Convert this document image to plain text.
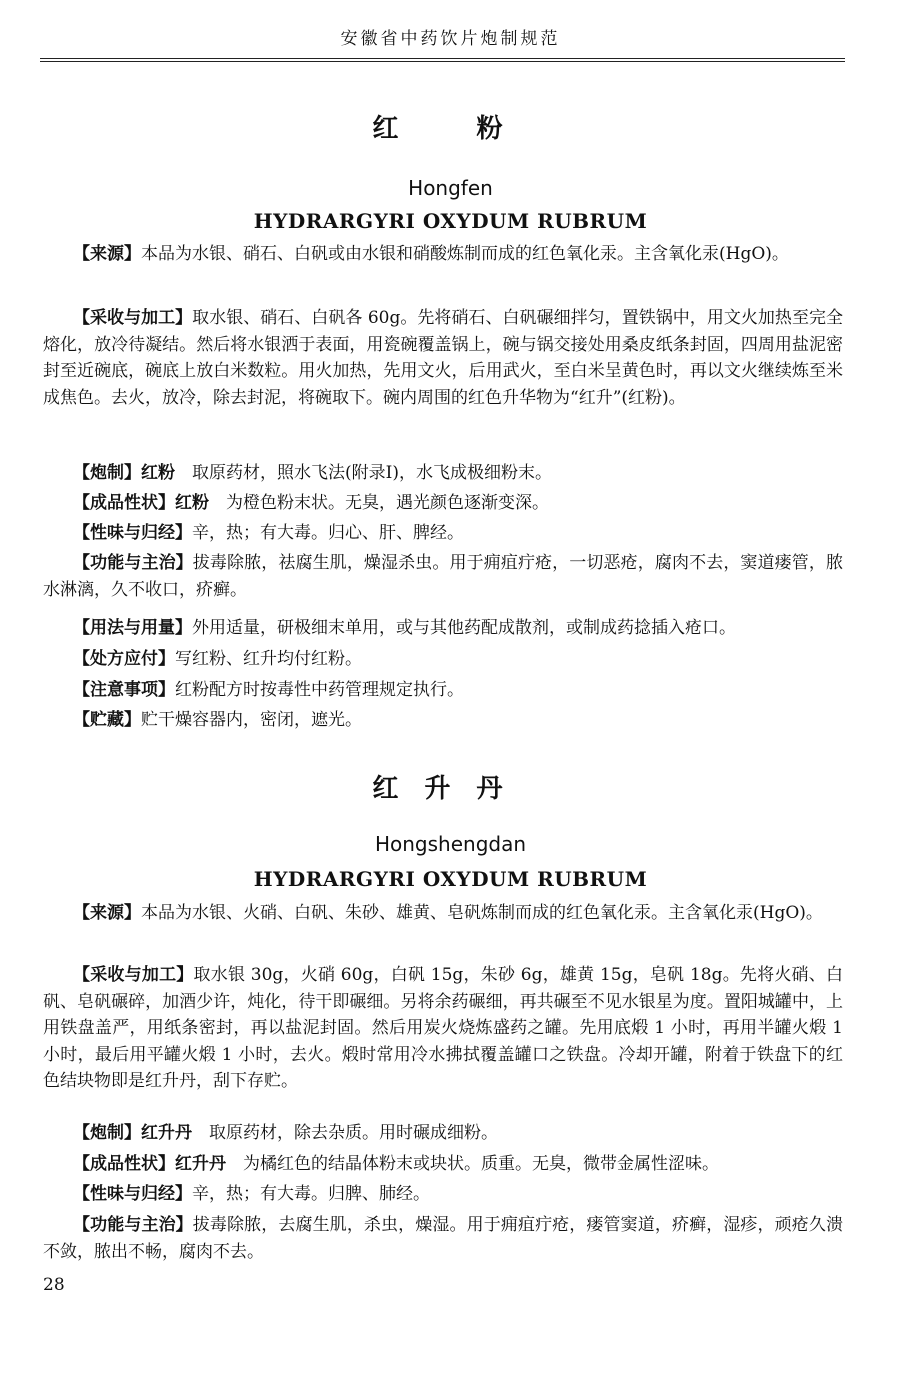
安徽省中药饮片炮制规范
红　粉
Hongfen
HYDRARGYRI OXYDUM RUBRUM
【来源】本品为水银、硝石、白矾或由水银和硝酸炼制而成的红色氧化汞。主含氧化汞(HgO)。
【采收与加工】取水银、硝石、白矾各 60g。先将硝石、白矾碾细拌匀，置铁锅中，用文火加热至完全熔化，放冷待凝结。然后将水银洒于表面，用瓷碗覆盖锅上，碗与锅交接处用桑皮纸条封固，四周用盐泥密封至近碗底，碗底上放白米数粒。用火加热，先用文火，后用武火，至白米呈黄色时，再以文火继续炼至米成焦色。去火，放冷，除去封泥，将碗取下。碗内周围的红色升华物为“红升”(红粉)。
【炮制】红粉　取原药材，照水飞法(附录Ⅰ)，水飞成极细粉末。
【成品性状】红粉　为橙色粉末状。无臭，遇光颜色逐渐变深。
【性味与归经】辛，热；有大毒。归心、肝、脾经。
【功能与主治】拔毒除脓，祛腐生肌，燥湿杀虫。用于痈疽疔疮，一切恶疮，腐肉不去，窦道瘘管，脓水淋漓，久不收口，疥癣。
【用法与用量】外用适量，研极细末单用，或与其他药配成散剂，或制成药捻插入疮口。
【处方应付】写红粉、红升均付红粉。
【注意事项】红粉配方时按毒性中药管理规定执行。
【贮藏】贮干燥容器内，密闭，遮光。
红升丹
Hongshengdan
HYDRARGYRI OXYDUM RUBRUM
【来源】本品为水银、火硝、白矾、朱砂、雄黄、皂矾炼制而成的红色氧化汞。主含氧化汞(HgO)。
【采收与加工】取水银 30g，火硝 60g，白矾 15g，朱砂 6g，雄黄 15g，皂矾 18g。先将火硝、白矾、皂矾碾碎，加酒少许，炖化，待干即碾细。另将余药碾细，再共碾至不见水银星为度。置阳城罐中，上用铁盘盖严，用纸条密封，再以盐泥封固。然后用炭火烧炼盛药之罐。先用底煅 1 小时，再用半罐火煅 1 小时，最后用平罐火煅 1 小时，去火。煅时常用冷水拂拭覆盖罐口之铁盘。冷却开罐，附着于铁盘下的红色结块物即是红升丹，刮下存贮。
【炮制】红升丹　取原药材，除去杂质。用时碾成细粉。
【成品性状】红升丹　为橘红色的结晶体粉末或块状。质重。无臭，微带金属性涩味。
【性味与归经】辛，热；有大毒。归脾、肺经。
【功能与主治】拔毒除脓，去腐生肌，杀虫，燥湿。用于痈疽疔疮，瘘管窦道，疥癣，湿疹，顽疮久溃不敛，脓出不畅，腐肉不去。
28
